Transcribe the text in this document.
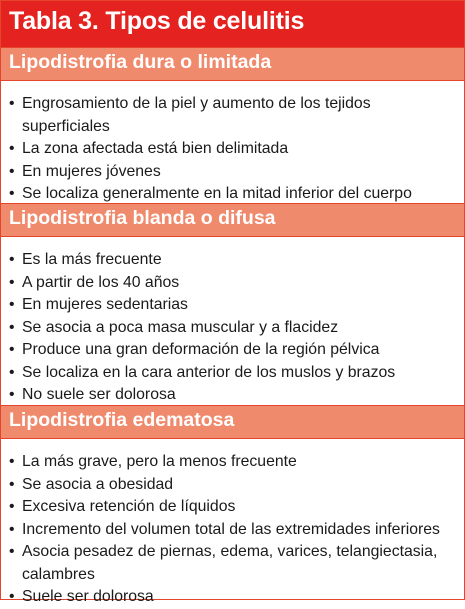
Tabla 3. Tipos de celulitis
Lipodistrofia dura o limitada
• Engrosamiento de la piel y aumento de los tejidos superficiales
• La zona afectada está bien delimitada
• En mujeres jóvenes
• Se localiza generalmente en la mitad inferior del cuerpo
Lipodistrofia blanda o difusa
• Es la más frecuente
• A partir de los 40 años
• En mujeres sedentarias
• Se asocia a poca masa muscular y a flacidez
• Produce una gran deformación de la región pélvica
• Se localiza en la cara anterior de los muslos y brazos
• No suele ser dolorosa
Lipodistrofia edematosa
• La más grave, pero la menos frecuente
• Se asocia a obesidad
• Excesiva retención de líquidos
• Incremento del volumen total de las extremidades inferiores
• Asocia pesadez de piernas, edema, varices, telangiectasia, calambres
• Suele ser dolorosa
